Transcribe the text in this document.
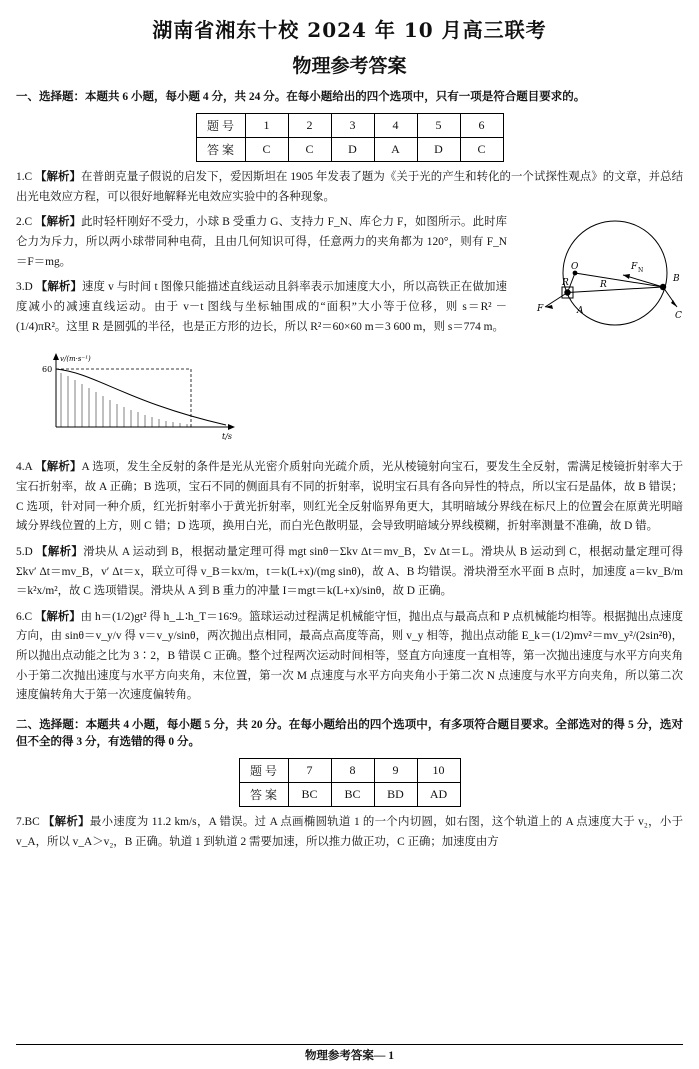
湖南省湘东十校 2024 年 10 月高三联考
物理参考答案
一、选择题：本题共 6 小题，每小题 4 分，共 24 分。在每小题给出的四个选项中，只有一项是符合题目要求的。
题 号	1	2	3	4	5	6
答 案	C	C	D	A	D	C
1.C 【解析】在普朗克量子假说的启发下，爱因斯坦在 1905 年发表了题为《关于光的产生和转化的一个试探性观点》的文章，并总结出光电效应方程，可以很好地解释光电效应实验中的各种现象。
O	F N
B
C
F	A
R	R
2.C 【解析】此时轻杆刚好不受力，小球 B 受重力 G、支持力 F_N、库仑力 F，如图所示。此时库仑力为斥力，所以两小球带同种电荷，且由几何知识可得，任意两力的夹角都为 120°，则有 F_N＝F＝mg。
3.D 【解析】速度 v 与时间 t 图像只能描述直线运动且斜率表示加速度大小，所以高铁正在做加速度减小的减速直线运动。由于 v－t 图线与坐标轴围成的“面积”大小等于位移，则 s＝R² －(1/4)πR²。这里 R 是圆弧的半径，也是正方形的边长，所以 R²＝60×60 m＝3 600 m，则 s＝774 m。
v/(m·s⁻¹)
60
t/s
4.A 【解析】A 选项，发生全反射的条件是光从光密介质射向光疏介质，光从棱镜射向宝石，要发生全反射，需满足棱镜折射率大于宝石折射率，故 A 正确；B 选项，宝石不同的侧面具有不同的折射率，说明宝石具有各向异性的特点，所以宝石是晶体，故 B 错误；C 选项，针对同一种介质，红光折射率小于黄光折射率，则红光全反射临界角更大，其明暗域分界线在标尺上的位置会在原黄光明暗域分界线位置的上方，则 C 错；D 选项，换用白光，而白光色散明显，会导致明暗域分界线模糊，折射率测量不准确，故 D 错。
5.D 【解析】滑块从 A 运动到 B，根据动量定理可得 mgt sinθ－Σkv Δt＝mv_B，Σv Δt＝L。滑块从 B 运动到 C，根据动量定理可得 Σkv′ Δt＝mv_B，v′ Δt＝x，联立可得 v_B＝kx/m，t＝k(L+x)/(mg sinθ)，故 A、B 均错误。滑块滑至水平面 B 点时，加速度 a＝kv_B/m＝k²x/m²，故 C 选项错误。滑块从 A 到 B 重力的冲量 I＝mgt＝k(L+x)/sinθ，故 D 正确。
6.C 【解析】由 h＝(1/2)gt² 得 h_⊥∶h_T＝16∶9。篮球运动过程满足机械能守恒，抛出点与最高点和 P 点机械能均相等。根据抛出点速度方向，由 sinθ＝v_y/v 得 v＝v_y/sinθ，两次抛出点相同，最高点高度等高，则 v_y 相等，抛出点动能 E_k＝(1/2)mv²＝mv_y²/(2sin²θ)，所以抛出点动能之比为 3∶2，B 错误 C 正确。整个过程两次运动时间相等，竖直方向速度一直相等，第一次抛出速度与水平方向夹角小于第二次抛出速度与水平方向夹角，末位置，第一次 M 点速度与水平方向夹角小于第二次 N 点速度与水平方向夹角，所以第二次速度偏转角大于第一次速度偏转角。
二、选择题：本题共 4 小题，每小题 5 分，共 20 分。在每小题给出的四个选项中，有多项符合题目要求。全部选对的得 5 分，选对但不全的得 3 分，有选错的得 0 分。
题 号	7	8	9	10
答 案	BC	BC	BD	AD
7.BC 【解析】最小速度为 11.2 km/s，A 错误。过 A 点画椭圆轨道 1 的一个内切圆，如右图，这个轨道上的 A 点速度大于 v₂，小于 v_A，所以 v_A＞v₂，B 正确。轨道 1 到轨道 2 需要加速，所以推力做正功，C 正确；加速度由方
物理参考答案— 1
